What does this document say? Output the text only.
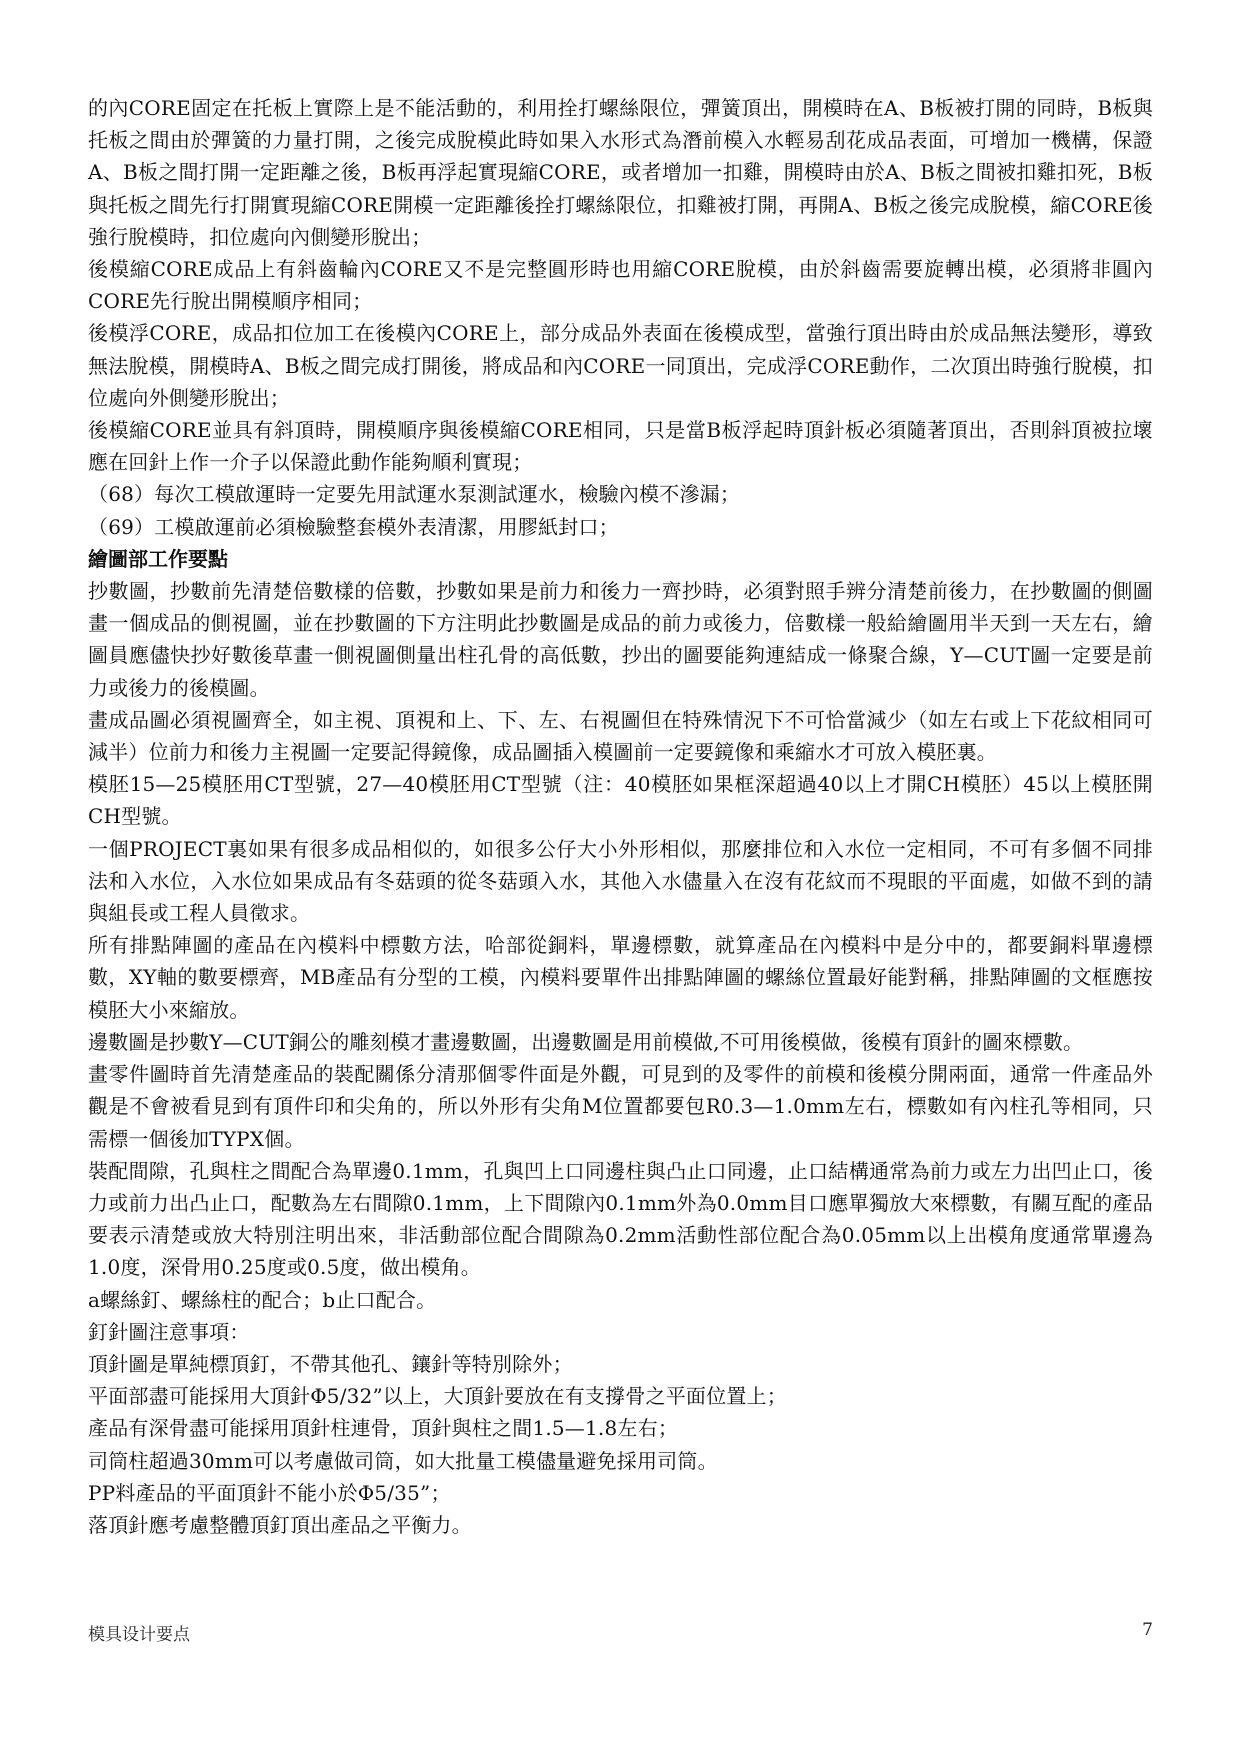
的內CORE固定在托板上實際上是不能活動的，利用拴打螺絲限位，彈簧頂出，開模時在A、B板被打開的同時，B板與托板之間由於彈簧的力量打開，之後完成脫模此時如果入水形式為潛前模入水輕易刮花成品表面，可增加一機構，保證A、B板之間打開一定距離之後，B板再浮起實現縮CORE，或者增加一扣雞，開模時由於A、B板之間被扣雞扣死，B板與托板之間先行打開實現縮CORE開模一定距離後拴打螺絲限位，扣雞被打開，再開A、B板之後完成脫模，縮CORE後強行脫模時，扣位處向內側變形脫出；

後模縮CORE成品上有斜齒輪內CORE又不是完整圓形時也用縮CORE脫模，由於斜齒需要旋轉出模，必須將非圓內CORE先行脫出開模順序相同；

後模浮CORE，成品扣位加工在後模內CORE上，部分成品外表面在後模成型，當強行頂出時由於成品無法變形，導致無法脫模，開模時A、B板之間完成打開後，將成品和內CORE一同頂出，完成浮CORE動作，二次頂出時強行脫模，扣位處向外側變形脫出；

後模縮CORE並具有斜頂時，開模順序與後模縮CORE相同，只是當B板浮起時頂針板必須隨著頂出，否則斜頂被拉壞應在回針上作一介子以保證此動作能夠順利實現；

（68）每次工模啟運時一定要先用試運水泵測試運水，檢驗內模不滲漏；

（69）工模啟運前必須檢驗整套模外表清潔，用膠紙封口；

繪圖部工作要點

抄數圖，抄數前先清楚倍數樣的倍數，抄數如果是前力和後力一齊抄時，必須對照手辨分清楚前後力，在抄數圖的側圖畫一個成品的側視圖，並在抄數圖的下方注明此抄數圖是成品的前力或後力，倍數樣一般給繪圖用半天到一天左右，繪圖員應儘快抄好數後草畫一側視圖側量出柱孔骨的高低數，抄出的圖要能夠連結成一條聚合線，Y—CUT圖一定要是前力或後力的後模圖。

畫成品圖必須視圖齊全，如主視、頂視和上、下、左、右視圖但在特殊情況下不可恰當減少（如左右或上下花紋相同可減半）位前力和後力主視圖一定要記得鏡像，成品圖插入模圖前一定要鏡像和乘縮水才可放入模胚裏。

模胚15—25模胚用CT型號，27—40模胚用CT型號（注：40模胚如果框深超過40以上才開CH模胚）45以上模胚開CH型號。

一個PROJECT裏如果有很多成品相似的，如很多公仔大小外形相似，那麼排位和入水位一定相同，不可有多個不同排法和入水位，入水位如果成品有冬菇頭的從冬菇頭入水，其他入水儘量入在沒有花紋而不現眼的平面處，如做不到的請與組長或工程人員徵求。

所有排點陣圖的產品在內模料中標數方法，哈部從銅料，單邊標數，就算產品在內模料中是分中的，都要銅料單邊標數，XY軸的數要標齊，MB產品有分型的工模，內模料要單件出排點陣圖的螺絲位置最好能對稱，排點陣圖的文框應按模胚大小來縮放。

邊數圖是抄數Y—CUT銅公的雕刻模才畫邊數圖，出邊數圖是用前模做,不可用後模做，後模有頂針的圖來標數。

畫零件圖時首先清楚產品的裝配關係分清那個零件面是外觀，可見到的及零件的前模和後模分開兩面，通常一件產品外觀是不會被看見到有頂件印和尖角的，所以外形有尖角M位置都要包R0.3—1.0mm左右，標數如有內柱孔等相同，只需標一個後加TYPX個。

裝配間隙，孔與柱之間配合為單邊0.1mm，孔與凹上口同邊柱與凸止口同邊，止口結構通常為前力或左力出凹止口，後力或前力出凸止口，配數為左右間隙0.1mm，上下間隙內0.1mm外為0.0mm目口應單獨放大來標數，有關互配的產品要表示清楚或放大特別注明出來，非活動部位配合間隙為0.2mm活動性部位配合為0.05mm以上出模角度通常單邊為1.0度，深骨用0.25度或0.5度，做出模角。

a螺絲釘、螺絲柱的配合；b止口配合。

釘針圖注意事項：

頂針圖是單純標頂釘，不帶其他孔、鑲針等特別除外；

平面部盡可能採用大頂針Φ5/32”以上，大頂針要放在有支撐骨之平面位置上；

產品有深骨盡可能採用頂針柱連骨，頂針與柱之間1.5—1.8左右；

司筒柱超過30mm可以考慮做司筒，如大批量工模儘量避免採用司筒。

PP料產品的平面頂針不能小於Φ5/35”；

落頂針應考慮整體頂釘頂出產品之平衡力。

模具设计要点	7
